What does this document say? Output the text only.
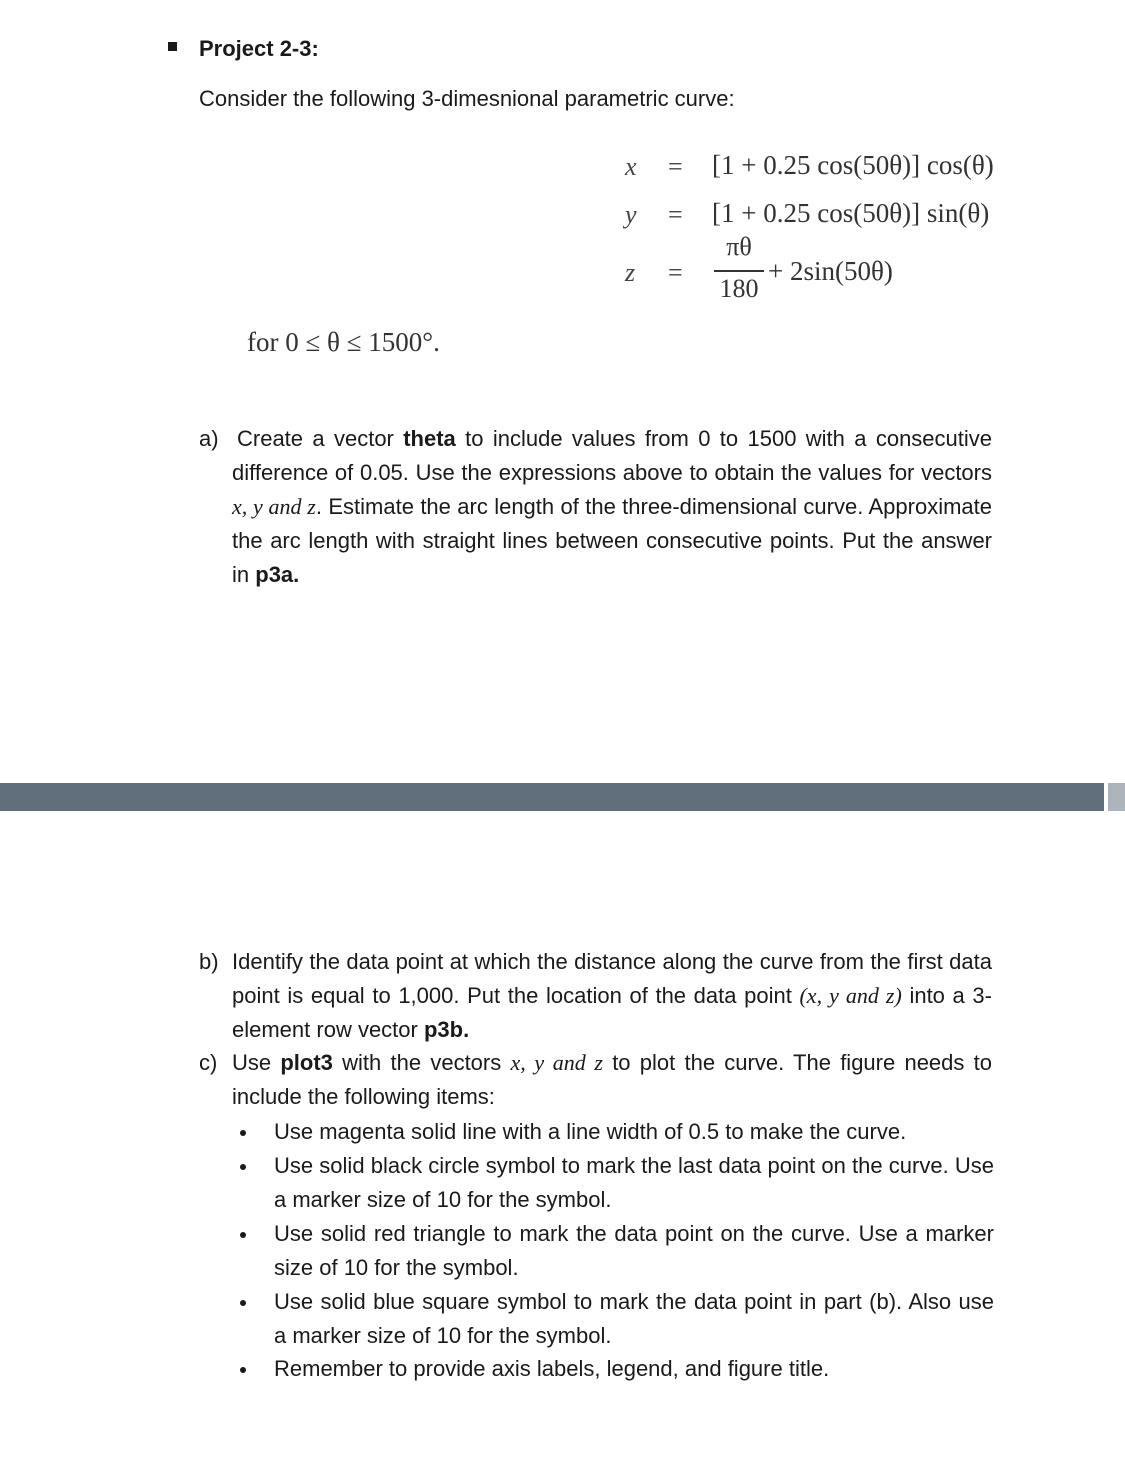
Project 2-3:
Consider the following 3-dimesnional parametric curve:
x = [1 + 0.25 cos(50θ)] cos(θ)
y = [1 + 0.25 cos(50θ)] sin(θ)
z =
πθ
180
+ 2sin(50θ)
for 0 ≤ θ ≤ 1500°.
a) Create a vector theta to include values from 0 to 1500 with a consecutive difference of 0.05. Use the expressions above to obtain the values for vectors x, y and z. Estimate the arc length of the three-dimensional curve. Approximate the arc length with straight lines between consecutive points. Put the answer in p3a.
b) Identify the data point at which the distance along the curve from the first data point is equal to 1,000. Put the location of the data point (x, y and z) into a 3-element row vector p3b.
c) Use plot3 with the vectors x, y and z to plot the curve. The figure needs to include the following items:
Use magenta solid line with a line width of 0.5 to make the curve.
Use solid black circle symbol to mark the last data point on the curve. Use a marker size of 10 for the symbol.
Use solid red triangle to mark the data point on the curve. Use a marker size of 10 for the symbol.
Use solid blue square symbol to mark the data point in part (b). Also use a marker size of 10 for the symbol.
Remember to provide axis labels, legend, and figure title.
